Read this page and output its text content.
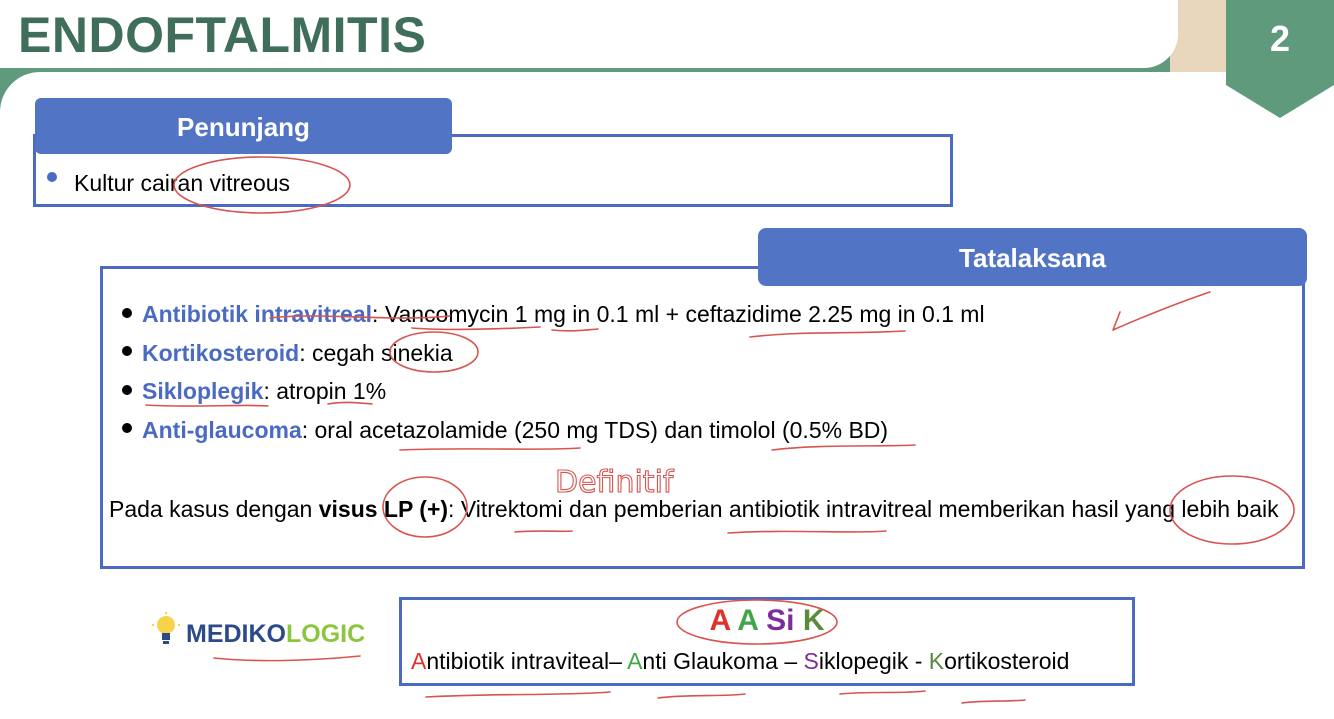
2
ENDOFTALMITIS
Penunjang
Kultur cairan vitreous
Tatalaksana
Antibiotik intravitreal: Vancomycin 1 mg in 0.1 ml + ceftazidime 2.25 mg in 0.1 ml
Kortikosteroid: cegah sinekia
Sikloplegik: atropin 1%
Anti-glaucoma: oral acetazolamide (250 mg TDS) dan timolol (0.5% BD)

Pada kasus dengan visus LP (+): Vitrektomi dan pemberian antibiotik intravitreal memberikan hasil yang lebih baik

MEDIKOLOGIC	A A Si K
Antibiotik intraviteal– Anti Glaukoma – Siklopegik - Kortikosteroid
Definitif
